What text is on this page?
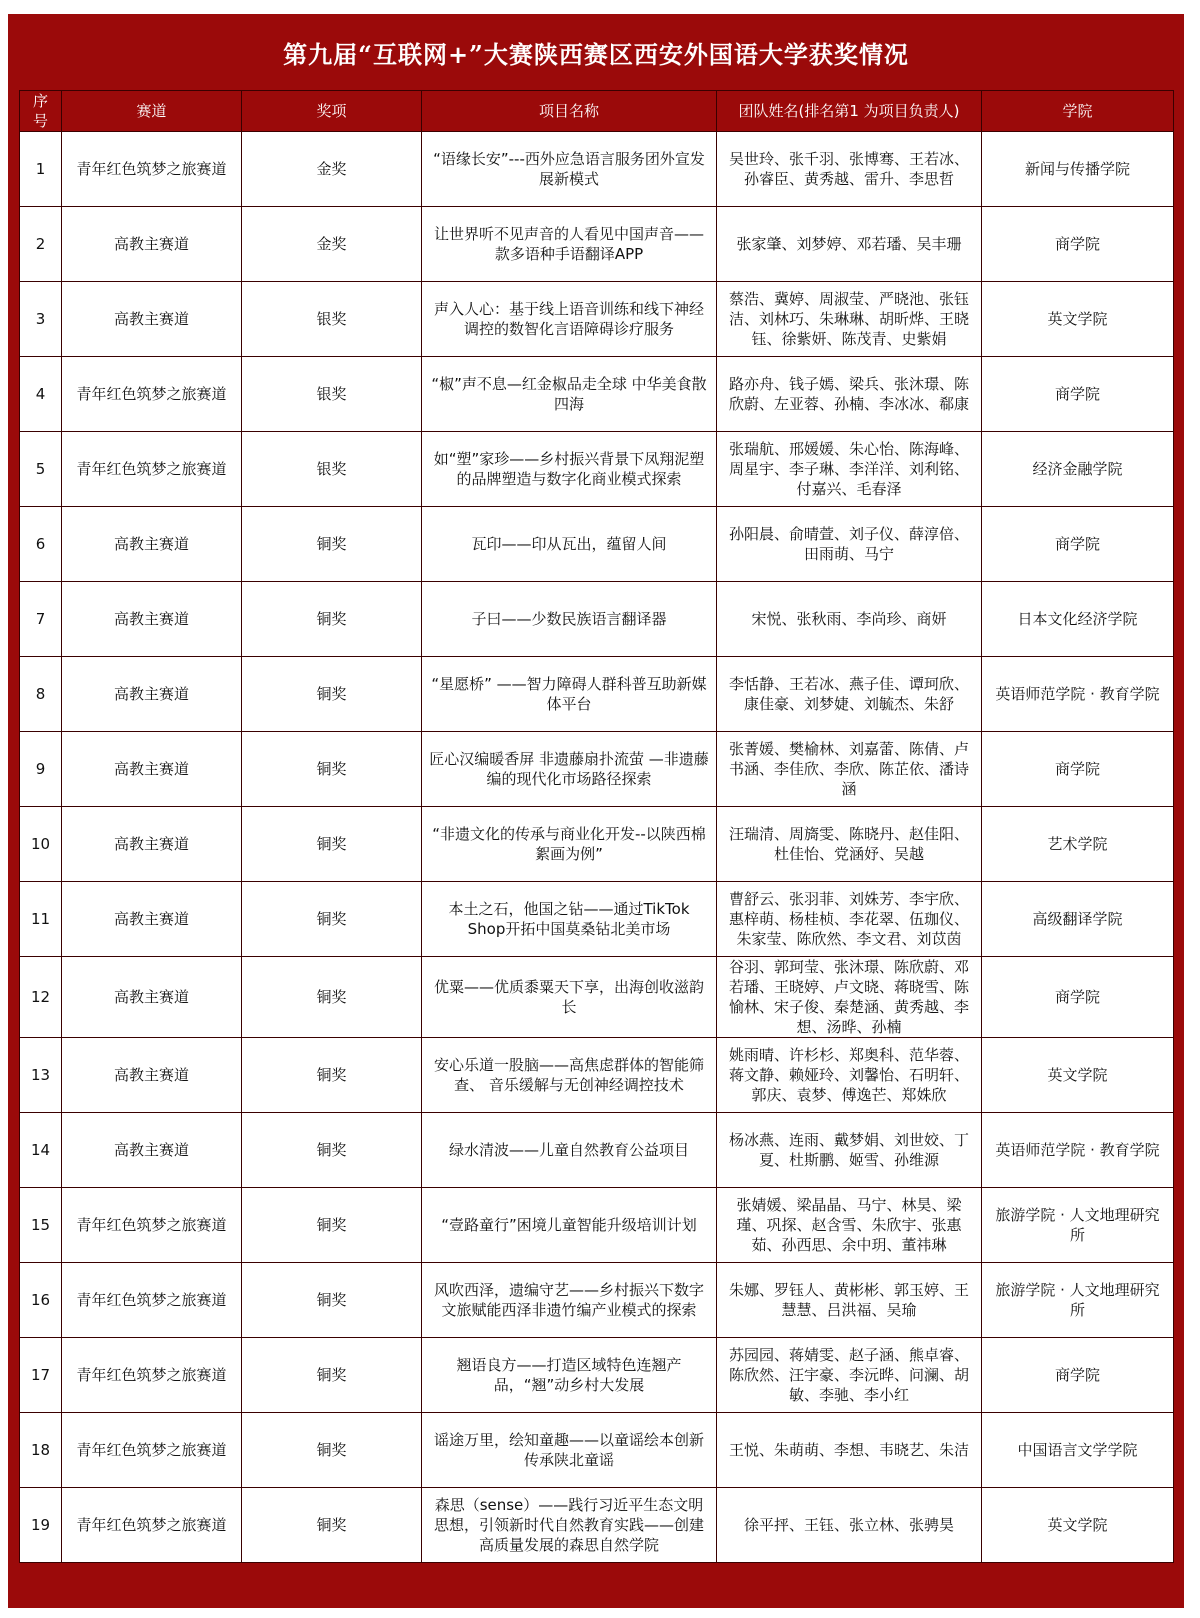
第九届“互联网+”大赛陕西赛区西安外国语大学获奖情况
序号	赛道	奖项	项目名称	团队姓名(排名第1 为项目负责人)	学院
1	青年红色筑梦之旅赛道	金奖	“语缘长安”---西外应急语言服务团外宣发展新模式	吴世玲、张千羽、张博骞、王若冰、孙睿臣、黄秀越、雷升、李思哲	新闻与传播学院
2	高教主赛道	金奖	让世界听不见声音的人看见中国声音——款多语种手语翻译APP	张家肇、刘梦婷、邓若璠、吴丰珊	商学院
3	高教主赛道	银奖	声入人心：基于线上语音训练和线下神经调控的数智化言语障碍诊疗服务	蔡浩、冀婷、周淑莹、严晓池、张钰洁、刘林巧、朱琳琳、胡昕烨、王晓钰、徐紫妍、陈茂青、史紫娟	英文学院
4	青年红色筑梦之旅赛道	银奖	“椒”声不息—红金椒品走全球 中华美食散四海	路亦舟、钱子嫣、梁兵、张沐璟、陈欣蔚、左亚蓉、孙楠、李冰冰、郗康	商学院
5	青年红色筑梦之旅赛道	银奖	如“塑”家珍——乡村振兴背景下凤翔泥塑的品牌塑造与数字化商业模式探索	张瑞航、邢媛媛、朱心怡、陈海峰、周星宇、李子琳、李洋洋、刘利铭、付嘉兴、毛春泽	经济金融学院
6	高教主赛道	铜奖	瓦印——印从瓦出，蕴留人间	孙阳晨、俞晴萱、刘子仪、薛淳倍、田雨萌、马宁	商学院
7	高教主赛道	铜奖	子曰——少数民族语言翻译器	宋悦、张秋雨、李尚珍、商妍	日本文化经济学院
8	高教主赛道	铜奖	“星愿桥” ——智力障碍人群科普互助新媒体平台	李恬静、王若冰、燕子佳、谭珂欣、康佳豪、刘梦婕、刘毓杰、朱舒	英语师范学院 · 教育学院
9	高教主赛道	铜奖	匠心汉编暖香屏 非遗藤扇扑流萤 —非遗藤编的现代化市场路径探索	张菁媛、樊榆林、刘嘉蕾、陈倩、卢书涵、李佳欣、李欣、陈芷依、潘诗涵	商学院
10	高教主赛道	铜奖	“非遗文化的传承与商业化开发--以陕西棉絮画为例”	汪瑞清、周旖雯、陈晓丹、赵佳阳、杜佳怡、党涵妤、吴越	艺术学院
11	高教主赛道	铜奖	本土之石，他国之钻——通过TikTok Shop开拓中国莫桑钻北美市场	曹舒云、张羽菲、刘姝芳、李宇欣、惠梓萌、杨桂桢、李花翠、伍珈仪、朱家莹、陈欣然、李文君、刘苡茵	高级翻译学院
12	高教主赛道	铜奖	优粟——优质黍粟天下享，出海创收滋韵长	谷羽、郭珂莹、张沐璟、陈欣蔚、邓若璠、王晓婷、卢文晓、蒋晓雪、陈愉林、宋子俊、秦楚涵、黄秀越、李想、汤晔、孙楠	商学院
13	高教主赛道	铜奖	安心乐道一股脑——高焦虑群体的智能筛查、 音乐缓解与无创神经调控技术	姚雨晴、许杉杉、郑奥科、范华蓉、蒋文静、赖娅玲、刘馨怡、石明轩、郭庆、袁梦、傅逸芒、郑姝欣	英文学院
14	高教主赛道	铜奖	绿水清波——儿童自然教育公益项目	杨冰燕、连雨、戴梦娟、刘世姣、丁夏、杜斯鹏、姬雪、孙维源	英语师范学院 · 教育学院
15	青年红色筑梦之旅赛道	铜奖	“壹路童行”困境儿童智能升级培训计划	张婧媛、梁晶晶、马宁、林昊、梁瑾、巩探、赵含雪、朱欣宇、张惠茹、孙西思、余中玥、董祎琳	旅游学院 · 人文地理研究所
16	青年红色筑梦之旅赛道	铜奖	风吹西泽，遗编守艺——乡村振兴下数字文旅赋能西泽非遗竹编产业模式的探索	朱娜、罗钰人、黄彬彬、郭玉婷、王慧慧、吕洪福、吴瑜	旅游学院 · 人文地理研究所
17	青年红色筑梦之旅赛道	铜奖	翘语良方——打造区域特色连翘产品，“翘”动乡村大发展	苏园园、蒋婧雯、赵子涵、熊卓睿、陈欣然、汪宇豪、李沅晔、问澜、胡敏、李驰、李小红	商学院
18	青年红色筑梦之旅赛道	铜奖	谣途万里，绘知童趣——以童谣绘本创新传承陕北童谣	王悦、朱萌萌、李想、韦晓艺、朱洁	中国语言文学学院
19	青年红色筑梦之旅赛道	铜奖	森思（sense）——践行习近平生态文明思想，引领新时代自然教育实践——创建高质量发展的森思自然学院	徐平抨、王钰、张立林、张骋昊	英文学院
